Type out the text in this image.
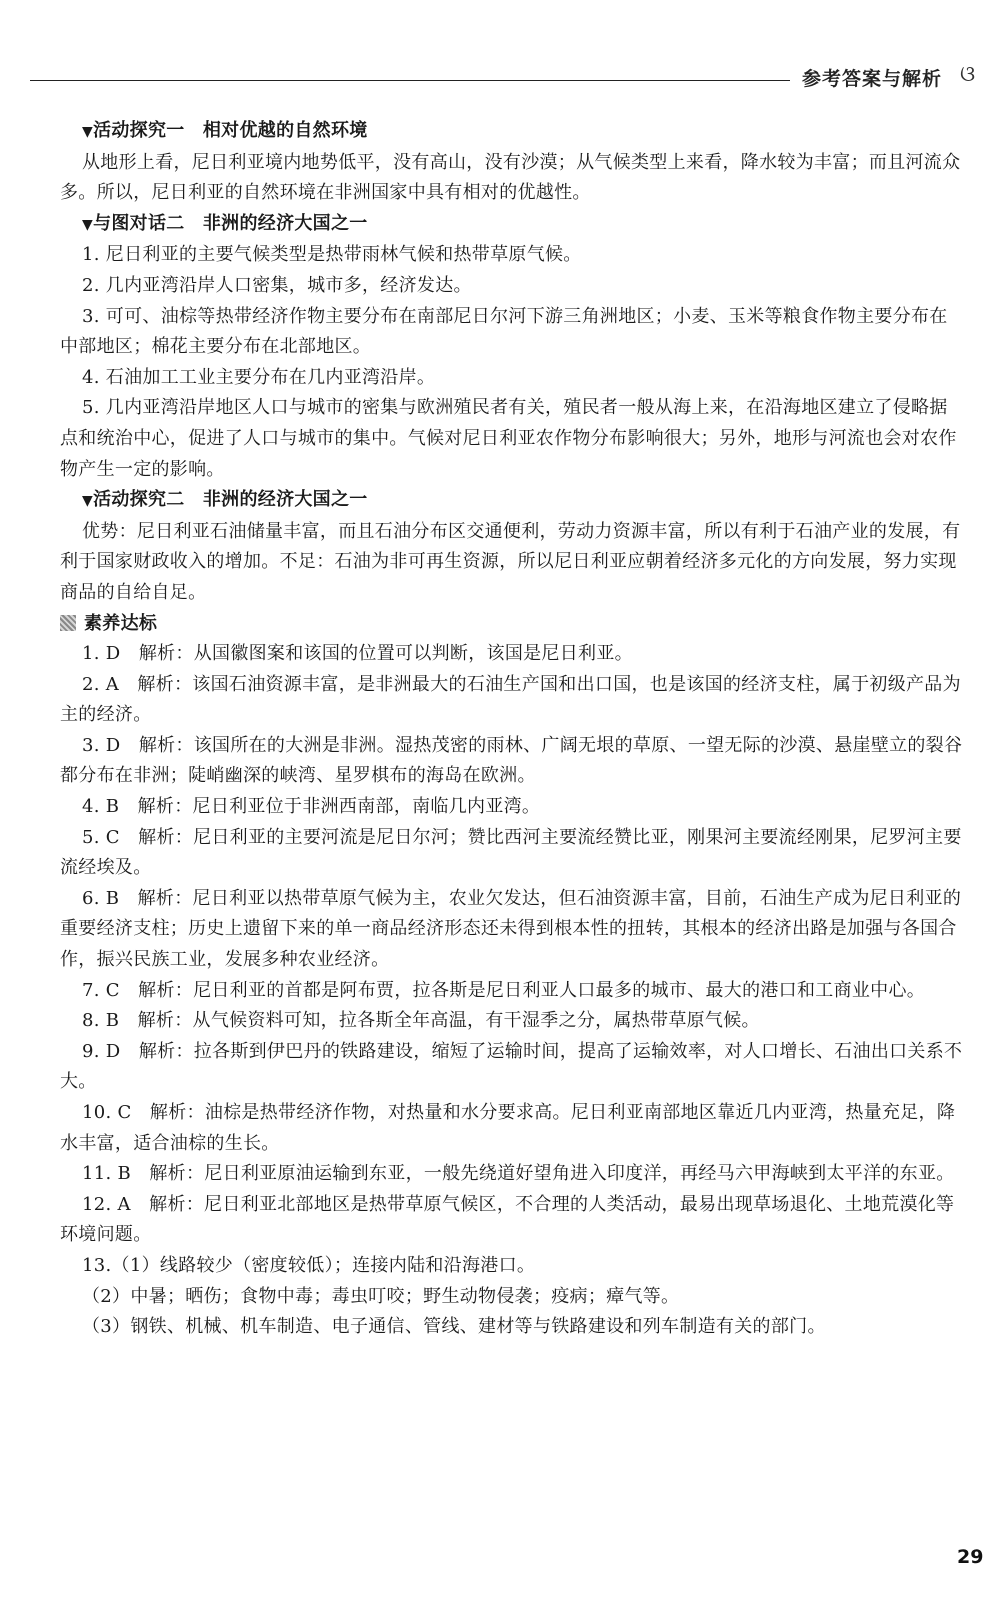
参考答案与解析 ଓ

▼活动探究一　相对优越的自然环境

从地形上看，尼日利亚境内地势低平，没有高山，没有沙漠；从气候类型上来看，降水较为丰富；而且河流众多。所以，尼日利亚的自然环境在非洲国家中具有相对的优越性。

▼与图对话二　非洲的经济大国之一

1. 尼日利亚的主要气候类型是热带雨林气候和热带草原气候。

2. 几内亚湾沿岸人口密集，城市多，经济发达。

3. 可可、油棕等热带经济作物主要分布在南部尼日尔河下游三角洲地区；小麦、玉米等粮食作物主要分布在中部地区；棉花主要分布在北部地区。

4. 石油加工工业主要分布在几内亚湾沿岸。

5. 几内亚湾沿岸地区人口与城市的密集与欧洲殖民者有关，殖民者一般从海上来，在沿海地区建立了侵略据点和统治中心，促进了人口与城市的集中。气候对尼日利亚农作物分布影响很大；另外，地形与河流也会对农作物产生一定的影响。

▼活动探究二　非洲的经济大国之一

优势：尼日利亚石油储量丰富，而且石油分布区交通便利，劳动力资源丰富，所以有利于石油产业的发展，有利于国家财政收入的增加。不足：石油为非可再生资源，所以尼日利亚应朝着经济多元化的方向发展，努力实现商品的自给自足。

素养达标

1. D　解析：从国徽图案和该国的位置可以判断，该国是尼日利亚。

2. A　解析：该国石油资源丰富，是非洲最大的石油生产国和出口国，也是该国的经济支柱，属于初级产品为主的经济。

3. D　解析：该国所在的大洲是非洲。湿热茂密的雨林、广阔无垠的草原、一望无际的沙漠、悬崖壁立的裂谷都分布在非洲；陡峭幽深的峡湾、星罗棋布的海岛在欧洲。

4. B　解析：尼日利亚位于非洲西南部，南临几内亚湾。

5. C　解析：尼日利亚的主要河流是尼日尔河；赞比西河主要流经赞比亚，刚果河主要流经刚果，尼罗河主要流经埃及。

6. B　解析：尼日利亚以热带草原气候为主，农业欠发达，但石油资源丰富，目前，石油生产成为尼日利亚的重要经济支柱；历史上遗留下来的单一商品经济形态还未得到根本性的扭转，其根本的经济出路是加强与各国合作，振兴民族工业，发展多种农业经济。

7. C　解析：尼日利亚的首都是阿布贾，拉各斯是尼日利亚人口最多的城市、最大的港口和工商业中心。

8. B　解析：从气候资料可知，拉各斯全年高温，有干湿季之分，属热带草原气候。

9. D　解析：拉各斯到伊巴丹的铁路建设，缩短了运输时间，提高了运输效率，对人口增长、石油出口关系不大。

10. C　解析：油棕是热带经济作物，对热量和水分要求高。尼日利亚南部地区靠近几内亚湾，热量充足，降水丰富，适合油棕的生长。

11. B　解析：尼日利亚原油运输到东亚，一般先绕道好望角进入印度洋，再经马六甲海峡到太平洋的东亚。

12. A　解析：尼日利亚北部地区是热带草原气候区，不合理的人类活动，最易出现草场退化、土地荒漠化等环境问题。

13.（1）线路较少（密度较低）；连接内陆和沿海港口。

（2）中暑；晒伤；食物中毒；毒虫叮咬；野生动物侵袭；疫病；瘴气等。

（3）钢铁、机械、机车制造、电子通信、管线、建材等与铁路建设和列车制造有关的部门。

29
